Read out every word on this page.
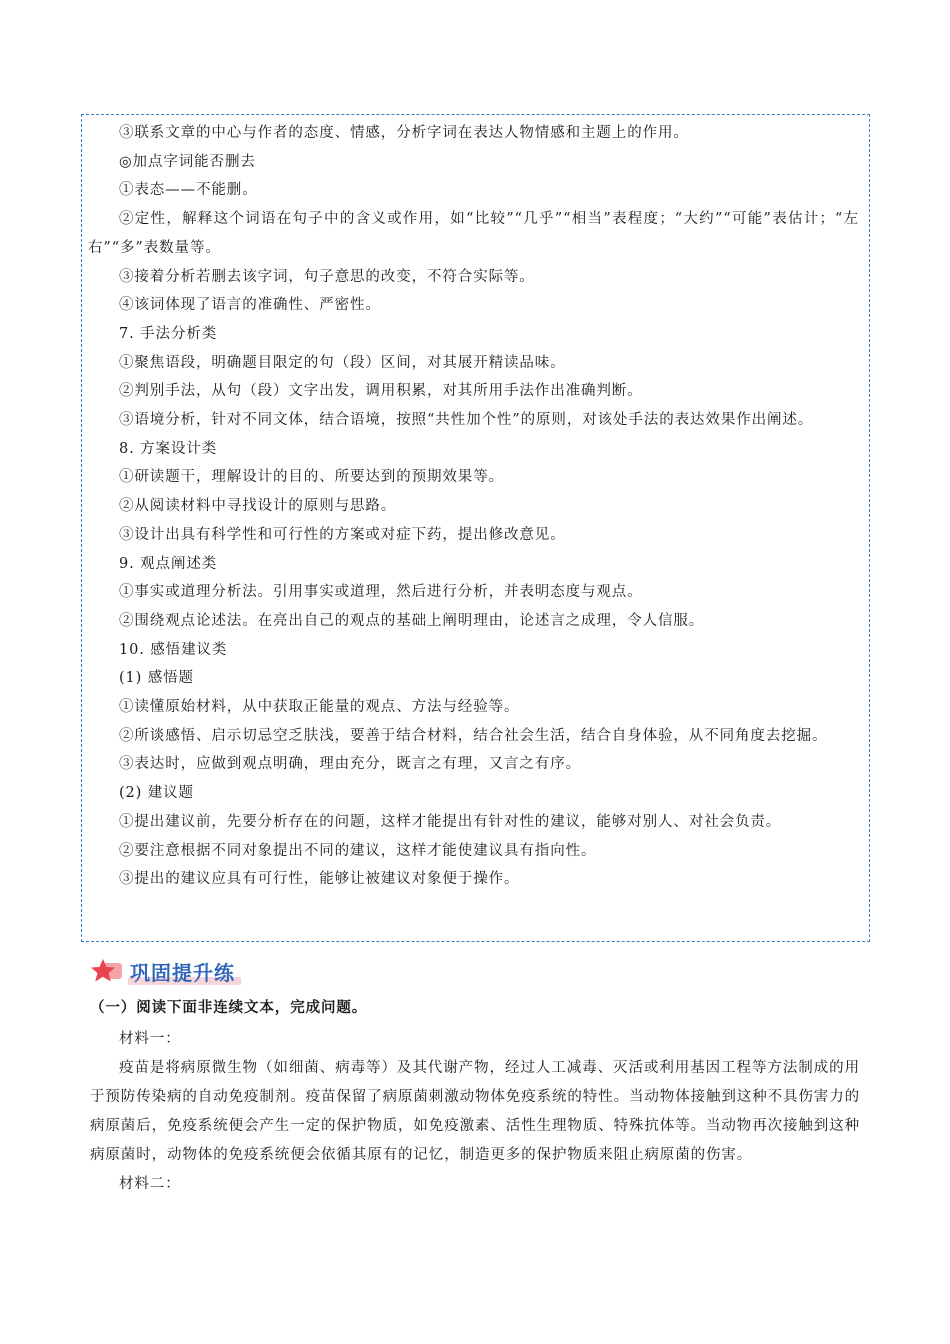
③联系文章的中心与作者的态度、情感，分析字词在表达人物情感和主题上的作用。
◎加点字词能否删去
①表态——不能删。
②定性，解释这个词语在句子中的含义或作用，如“比较”“几乎”“相当”表程度；“大约”“可能”表估计；“左右”“多”表数量等。
③接着分析若删去该字词，句子意思的改变，不符合实际等。
④该词体现了语言的准确性、严密性。
7. 手法分析类
①聚焦语段，明确题目限定的句（段）区间，对其展开精读品味。
②判别手法，从句（段）文字出发，调用积累，对其所用手法作出准确判断。
③语境分析，针对不同文体，结合语境，按照“共性加个性”的原则，对该处手法的表达效果作出阐述。
8. 方案设计类
①研读题干，理解设计的目的、所要达到的预期效果等。
②从阅读材料中寻找设计的原则与思路。
③设计出具有科学性和可行性的方案或对症下药，提出修改意见。
9. 观点阐述类
①事实或道理分析法。引用事实或道理，然后进行分析，并表明态度与观点。
②围绕观点论述法。在亮出自己的观点的基础上阐明理由，论述言之成理，令人信服。
10. 感悟建议类
(1) 感悟题
①读懂原始材料，从中获取正能量的观点、方法与经验等。
②所谈感悟、启示切忌空乏肤浅，要善于结合材料，结合社会生活，结合自身体验，从不同角度去挖掘。
③表达时，应做到观点明确，理由充分，既言之有理，又言之有序。
(2) 建议题
①提出建议前，先要分析存在的问题，这样才能提出有针对性的建议，能够对别人、对社会负责。
②要注意根据不同对象提出不同的建议，这样才能使建议具有指向性。
③提出的建议应具有可行性，能够让被建议对象便于操作。
巩固提升练
（一）阅读下面非连续文本，完成问题。
材料一：
疫苗是将病原微生物（如细菌、病毒等）及其代谢产物，经过人工减毒、灭活或利用基因工程等方法制成的用于预防传染病的自动免疫制剂。疫苗保留了病原菌刺激动物体免疫系统的特性。当动物体接触到这种不具伤害力的病原菌后，免疫系统便会产生一定的保护物质，如免疫激素、活性生理物质、特殊抗体等。当动物再次接触到这种病原菌时，动物体的免疫系统便会依循其原有的记忆，制造更多的保护物质来阻止病原菌的伤害。
材料二：
